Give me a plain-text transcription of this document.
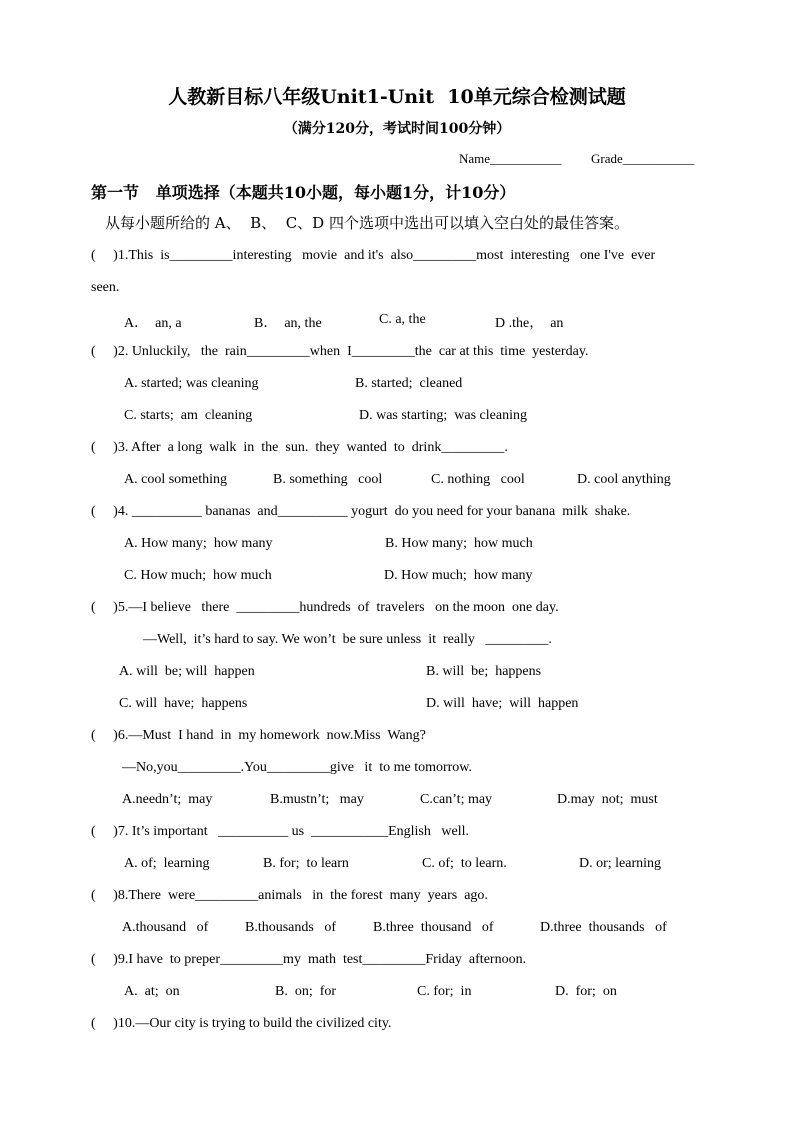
人教新目标八年级Unit1-Unit  10单元综合检测试题
（满分120分，考试时间100分钟）
Name___________ Grade___________
第一节   单项选择（本题共10小题，每小题1分，计10分）
从每小题所给的 A、  B、  C、D 四个选项中选出可以填入空白处的最佳答案。
(     )1.This  is_________interesting   movie  and it's  also_________most  interesting   one I've  ever
seen.
A．  an, a	B．  an, the	C. a, the	D .the，  an
(     )2. Unluckily,   the  rain_________when  I_________the  car at this  time  yesterday.
A. started; was cleaning	B. started;  cleaned
C. starts;  am  cleaning	D. was starting;  was cleaning
(     )3. After  a long  walk  in  the  sun.  they  wanted  to  drink_________.
A. cool something	B. something   cool	C. nothing   cool	D. cool anything
(     )4. __________ bananas  and__________ yogurt  do you need for your banana  milk  shake.
A. How many;  how many	B. How many;  how much
C. How much;  how much	D. How much;  how many
(     )5.—I believe   there  _________hundreds  of  travelers   on the moon  one day.
—Well,  it’s hard to say. We won’t  be sure unless  it  really   _________.
A. will  be; will  happen	B. will  be;  happens
C. will  have;  happens	D. will  have;  will  happen
(     )6.—Must  I hand  in  my homework  now.Miss  Wang?
—No,you_________.You_________give   it  to me tomorrow.
A.needn’t;  may	B.mustn’t;   may	C.can’t; may	D.may  not;  must
(     )7. It’s important   __________ us  ___________English   well.
A. of;  learning	B. for;  to learn	C. of;  to learn.	D. or; learning
(     )8.There  were_________animals   in  the forest  many  years  ago.
A.thousand   of	B.thousands   of	B.three  thousand   of	D.three  thousands   of
(     )9.I have  to preper_________my  math  test_________Friday  afternoon.
A.  at;  on	B.  on;  for	C. for;  in	D.  for;  on
(     )10.—Our city is trying to build the civilized city.
